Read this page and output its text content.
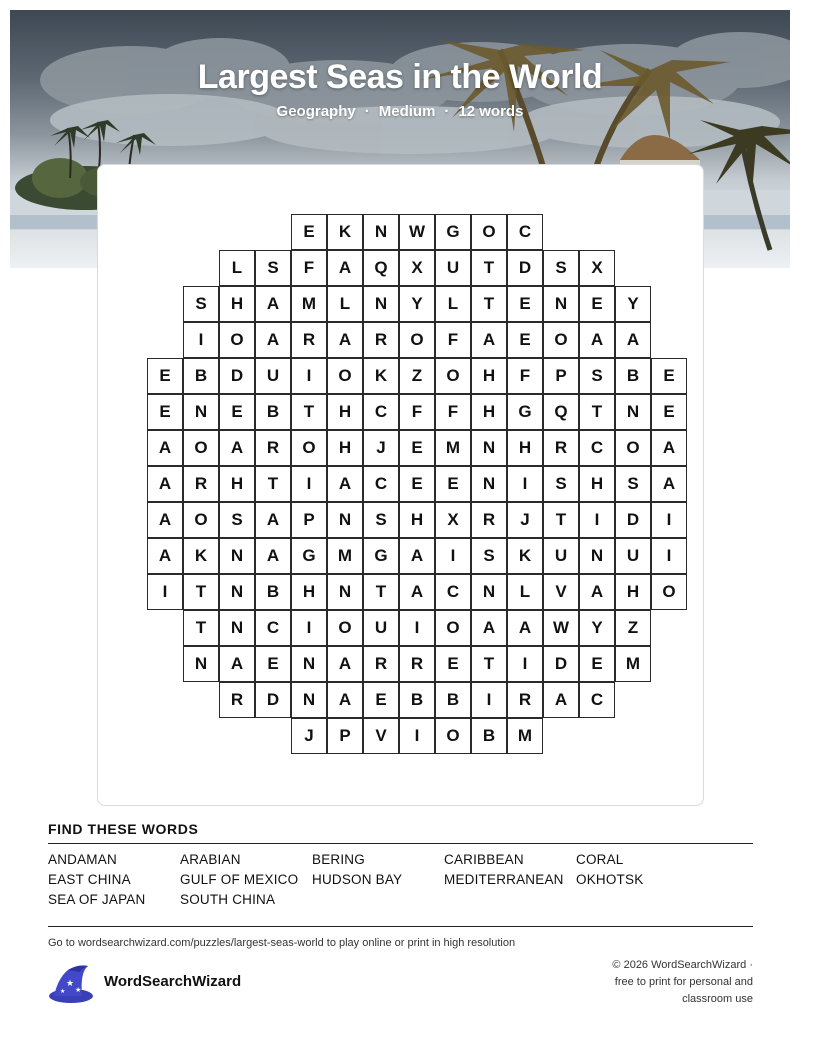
Largest Seas in the World
Geography · Medium · 12 words
E	K	N	W	G	O	C
L	S	F	A	Q	X	U	T	D	S	X
S	H	A	M	L	N	Y	L	T	E	N	E	Y
I	O	A	R	A	R	O	F	A	E	O	A	A
E	B	D	U	I	O	K	Z	O	H	F	P	S	B	E
E	N	E	B	T	H	C	F	F	H	G	Q	T	N	E
A	O	A	R	O	H	J	E	M	N	H	R	C	O	A
A	R	H	T	I	A	C	E	E	N	I	S	H	S	A
A	O	S	A	P	N	S	H	X	R	J	T	I	D	I
A	K	N	A	G	M	G	A	I	S	K	U	N	U	I
I	T	N	B	H	N	T	A	C	N	L	V	A	H	O
T	N	C	I	O	U	I	O	A	A	W	Y	Z
N	A	E	N	A	R	R	E	T	I	D	E	M
R	D	N	A	E	B	B	I	R	A	C
J	P	V	I	O	B	M
FIND THESE WORDS
ANDAMAN	ARABIAN	BERING	CARIBBEAN	CORAL
EAST CHINA	GULF OF MEXICO	HUDSON BAY	MEDITERRANEAN OKHOTSK
SEA OF JAPAN	SOUTH CHINA
Go to wordsearchwizard.com/puzzles/largest-seas-world to play online or print in high resolution
★
★
★
WordSearchWizard
© 2026 WordSearchWizard ·
free to print for personal and
classroom use
